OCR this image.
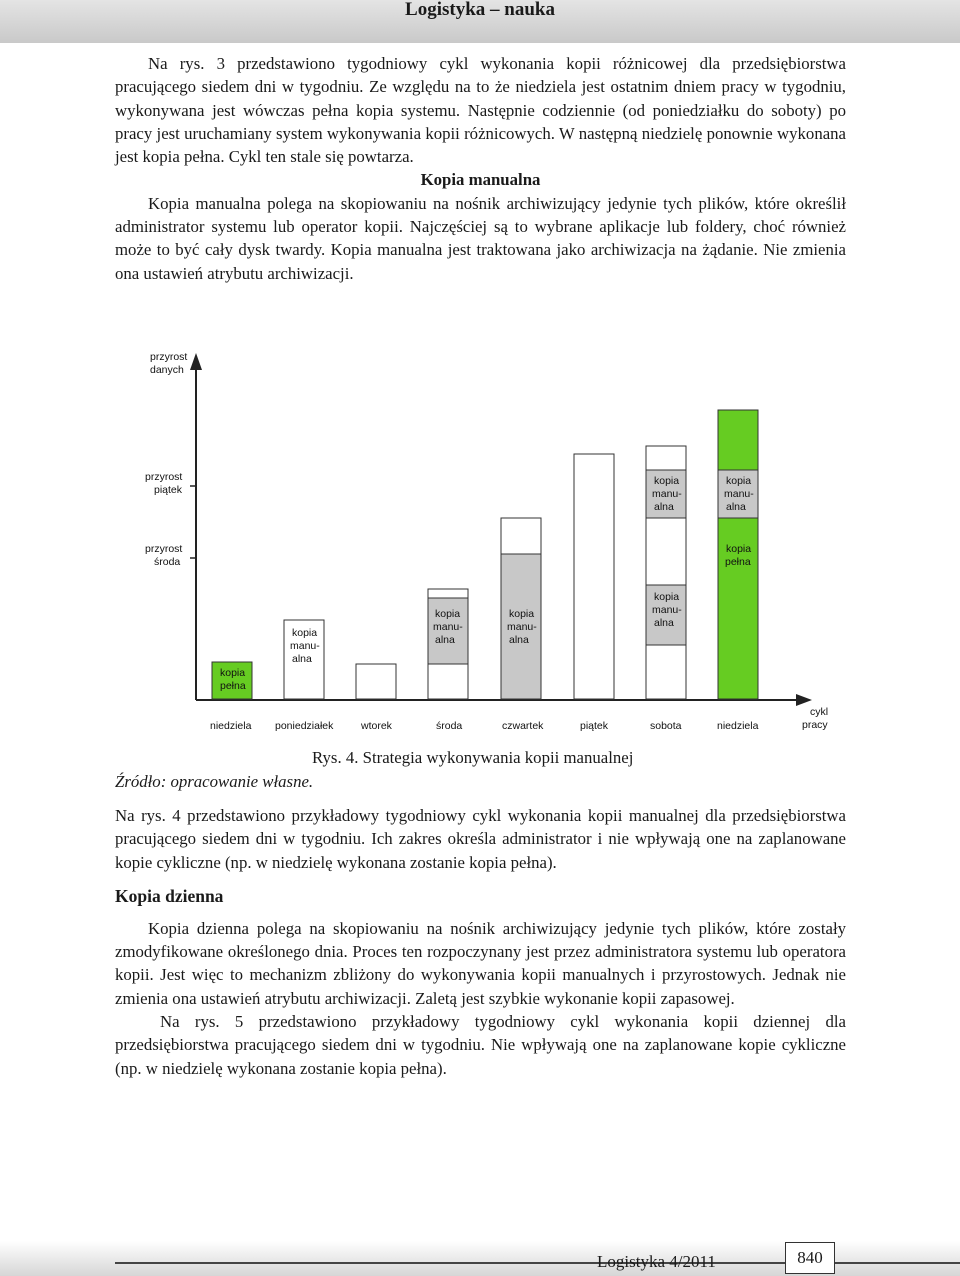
Logistyka – nauka

Na rys. 3 przedstawiono tygodniowy cykl wykonania kopii różnicowej dla przedsiębiorstwa pracującego siedem dni w tygodniu. Ze względu na to że niedziela jest ostatnim dniem pracy w tygodniu, wykonywana jest wówczas pełna kopia systemu. Następnie codziennie (od poniedziałku do soboty) po pracy jest uruchamiany system wykonywania kopii różnicowych. W następną niedzielę ponownie wykonana jest kopia pełna. Cykl ten stale się powtarza.

Kopia manualna

Kopia manualna polega na skopiowaniu na nośnik archiwizujący jedynie tych plików, które określił administrator systemu lub operator kopii. Najczęściej są to wybrane aplikacje lub foldery, choć również może to być cały dysk twardy. Kopia manualna jest traktowana jako archiwizacja na żądanie. Nie zmienia ona ustawień atrybutu archiwizacji.

przyrost
danych
przyrost
piątek
przyrost
środa
kopia
pełna
kopia
manu-
alna
kopia
manu-
alna
kopia
manu-
alna
kopia
manu-
alna
kopia
manu-
alna
kopia
manu-
alna
kopia
pełna
niedziela poniedziałek	wtorek	środa	czwartek	piątek	sobota	niedziela
cykl
pracy
Rys. 4. Strategia wykonywania kopii manualnej
Źródło: opracowanie własne.

Na rys. 4 przedstawiono przykładowy tygodniowy cykl wykonania kopii manualnej dla przedsiębiorstwa pracującego siedem dni w tygodniu. Ich zakres określa administrator i nie wpływają one na zaplanowane kopie cykliczne (np. w niedzielę wykonana zostanie kopia pełna).

Kopia dzienna

Kopia dzienna polega na skopiowaniu na nośnik archiwizujący jedynie tych plików, które zostały zmodyfikowane określonego dnia. Proces ten rozpoczynany jest przez administratora systemu lub operatora kopii. Jest więc to mechanizm zbliżony do wykonywania kopii manualnych i przyrostowych. Jednak nie zmienia ona ustawień atrybutu archiwizacji. Zaletą jest szybkie wykonanie kopii zapasowej.

Na rys. 5 przedstawiono przykładowy tygodniowy cykl wykonania kopii dziennej dla przedsiębiorstwa pracującego siedem dni w tygodniu. Nie wpływają one na zaplanowane kopie cykliczne (np. w niedzielę wykonana zostanie kopia pełna).

Logistyka 4/2011	840
